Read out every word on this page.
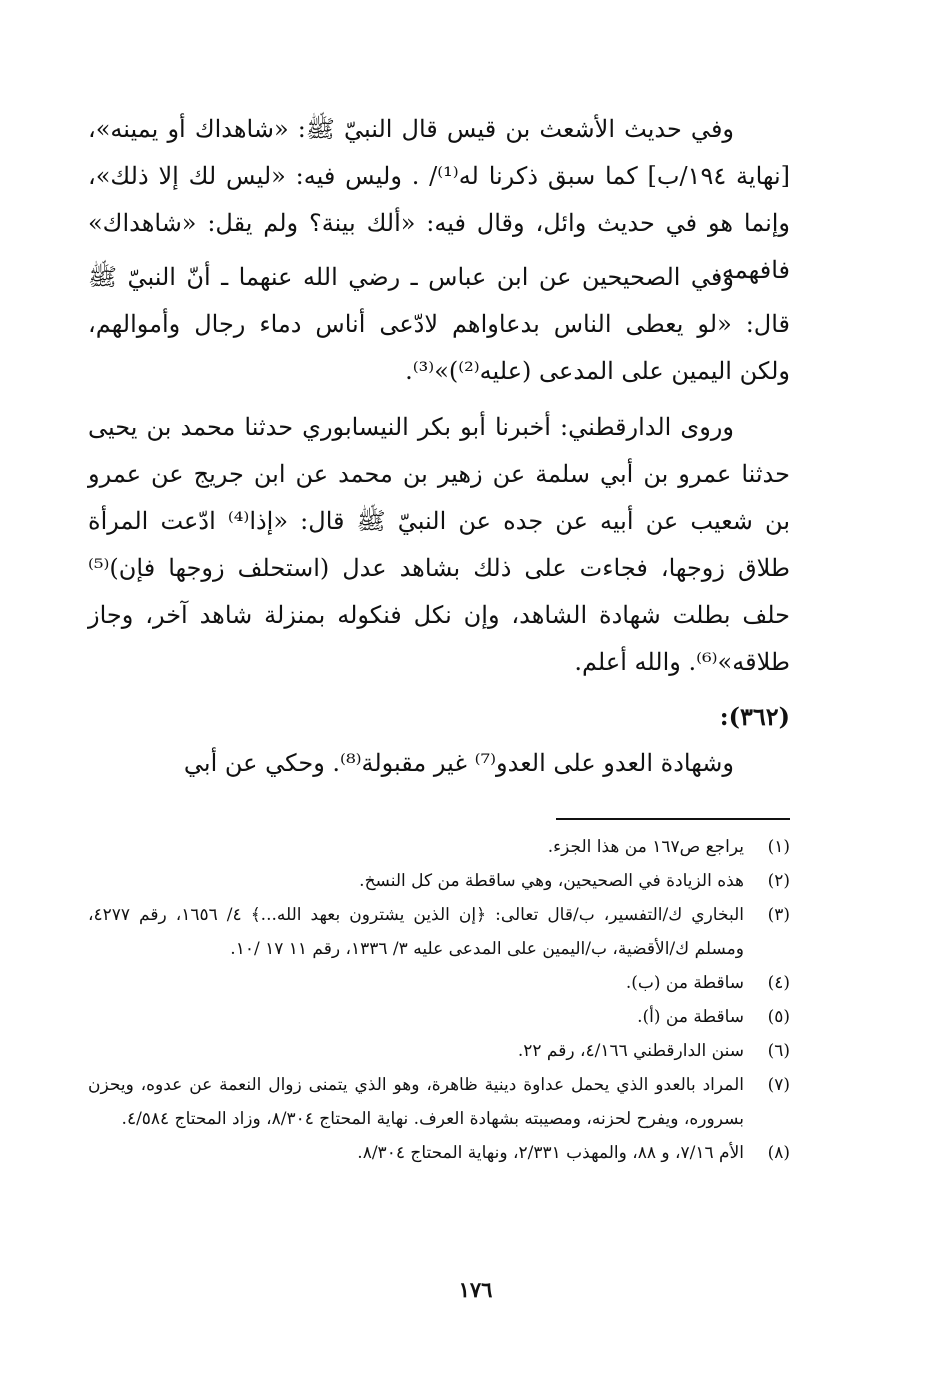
وفي حديث الأشعث بن قيس قال النبيّ ﷺ: «شاهداك أو يمينه»، [نهاية ١٩٤/ب] كما سبق ذكرنا له⁽¹⁾/ . وليس فيه: «ليس لك إلا ذلك»، وإنما هو في حديث وائل، وقال فيه: «ألك بينة؟ ولم يقل: «شاهداك» فافهمه.

وفي الصحيحين عن ابن عباس ـ رضي الله عنهما ـ أنّ النبيّ ﷺ قال: «لو يعطى الناس بدعاواهم لادّعى أناس دماء رجال وأموالهم، ولكن اليمين على المدعى (عليه⁽²⁾)»⁽³⁾.

وروى الدارقطني: أخبرنا أبو بكر النيسابوري حدثنا محمد بن يحيى حدثنا عمرو بن أبي سلمة عن زهير بن محمد عن ابن جريج عن عمرو بن شعيب عن أبيه عن جده عن النبيّ ﷺ قال: «إذا⁽⁴⁾ ادّعت المرأة طلاق زوجها، فجاءت على ذلك بشاهد عدل (استحلف زوجها فإن)⁽⁵⁾ حلف بطلت شهادة الشاهد، وإن نكل فنكوله بمنزلة شاهد آخر، وجاز طلاقه»⁽⁶⁾. والله أعلم.

(٣٦٢):

وشهادة العدو على العدو⁽⁷⁾ غير مقبولة⁽⁸⁾. وحكي عن أبي

(١)
يراجع ص١٦٧ من هذا الجزء.
(٢)
هذه الزيادة في الصحيحين، وهي ساقطة من كل النسخ.
(٣)
البخاري ك/التفسير، ب/قال تعالى: ﴿إن الذين يشترون بعهد الله...﴾ ٤/ ١٦٥٦، رقم ٤٢٧٧، ومسلم ك/الأقضية، ب/اليمين على المدعى عليه ٣/ ١٣٣٦، رقم ١١ ١٧ /١٠.
(٤)
ساقطة من (ب).
(٥)
ساقطة من (أ).
(٦)
سنن الدارقطني ٤/١٦٦، رقم ٢٢.
(٧)
المراد بالعدو الذي يحمل عداوة دينية ظاهرة، وهو الذي يتمنى زوال النعمة عن عدوه، ويحزن بسروره، ويفرح لحزنه، ومصيبته بشهادة العرف. نهاية المحتاج ٨/٣٠٤، وزاد المحتاج ٤/٥٨٤.
(٨)
الأم ٧/١٦، و ٨٨، والمهذب ٢/٣٣١، ونهاية المحتاج ٨/٣٠٤.
١٧٦
